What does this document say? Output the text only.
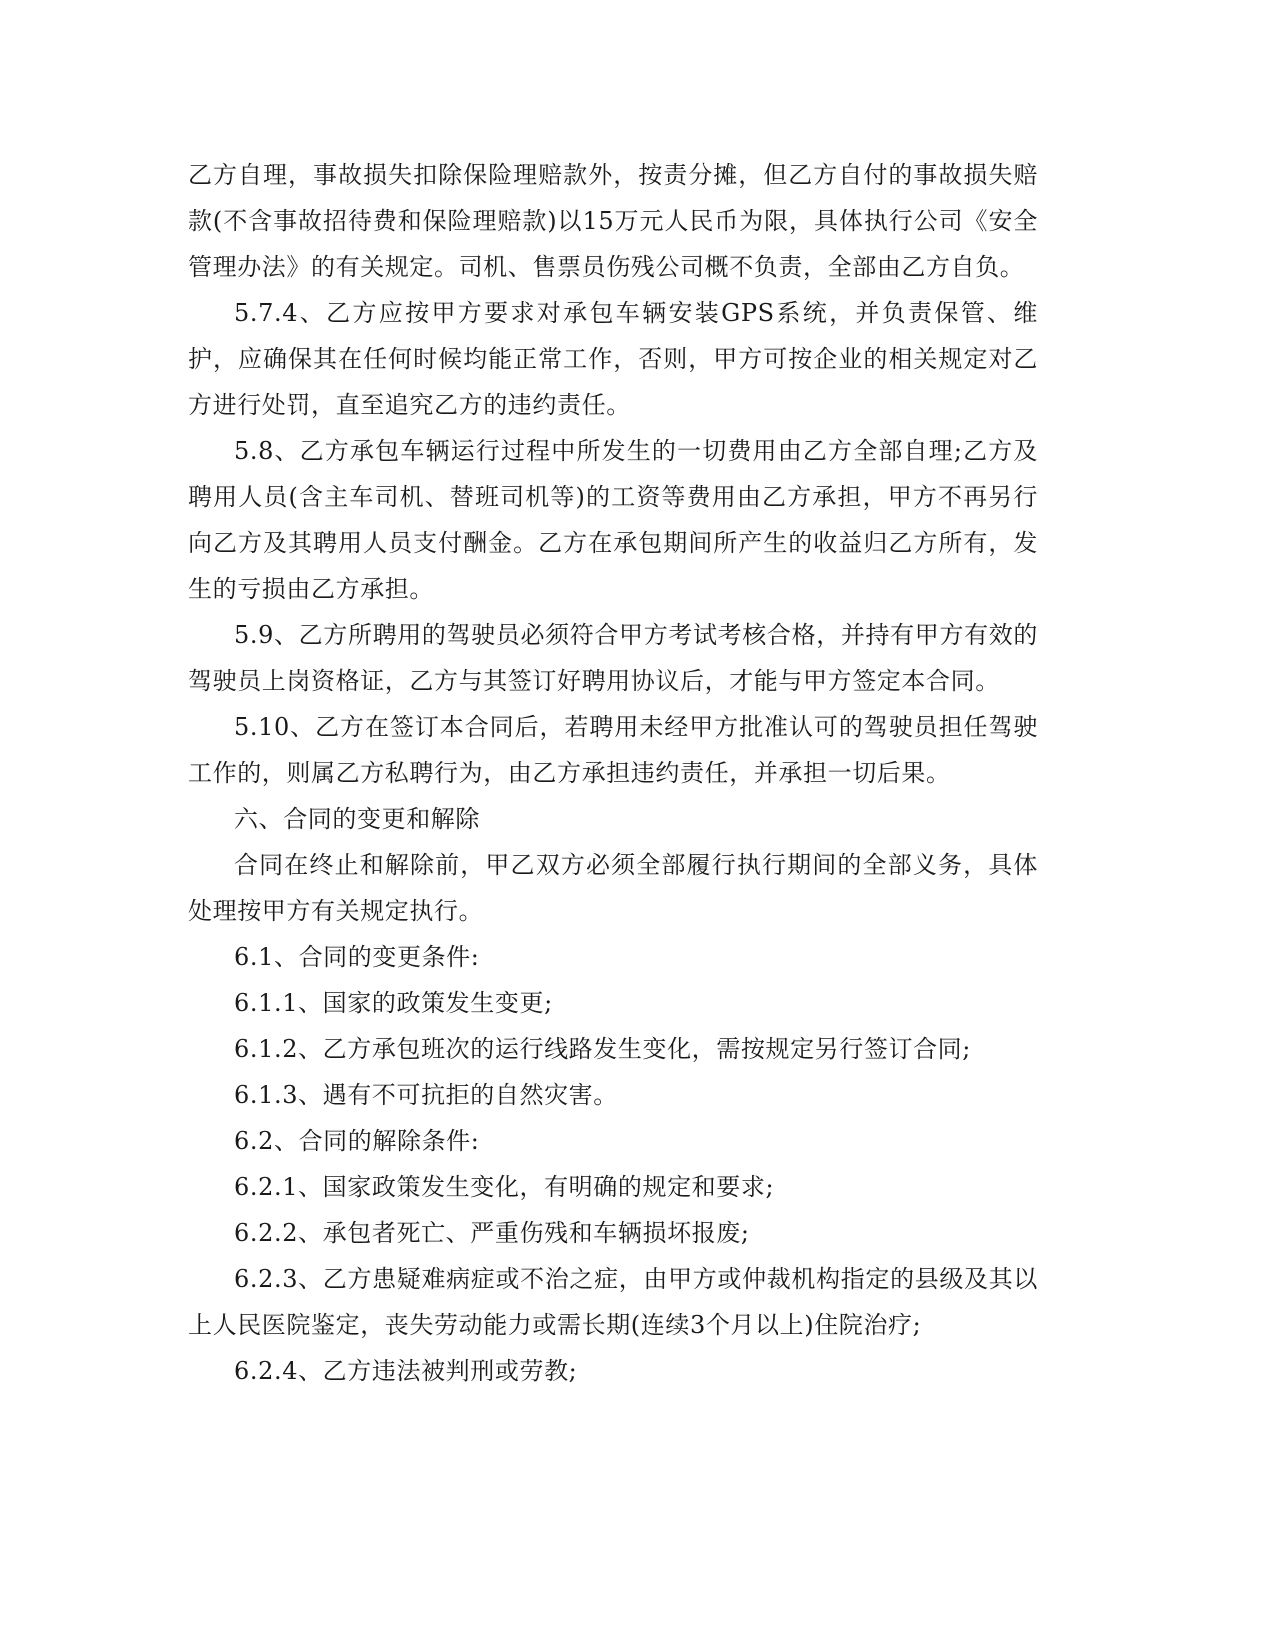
乙方自理，事故损失扣除保险理赔款外，按责分摊，但乙方自付的事故损失赔款(不含事故招待费和保险理赔款)以15万元人民币为限，具体执行公司《安全管理办法》的有关规定。司机、售票员伤残公司概不负责，全部由乙方自负。

5.7.4、乙方应按甲方要求对承包车辆安装GPS系统，并负责保管、维护，应确保其在任何时候均能正常工作，否则，甲方可按企业的相关规定对乙方进行处罚，直至追究乙方的违约责任。

5.8、乙方承包车辆运行过程中所发生的一切费用由乙方全部自理;乙方及聘用人员(含主车司机、替班司机等)的工资等费用由乙方承担，甲方不再另行向乙方及其聘用人员支付酬金。乙方在承包期间所产生的收益归乙方所有，发生的亏损由乙方承担。

5.9、乙方所聘用的驾驶员必须符合甲方考试考核合格，并持有甲方有效的驾驶员上岗资格证，乙方与其签订好聘用协议后，才能与甲方签定本合同。

5.10、乙方在签订本合同后，若聘用未经甲方批准认可的驾驶员担任驾驶工作的，则属乙方私聘行为，由乙方承担违约责任，并承担一切后果。

六、合同的变更和解除

合同在终止和解除前，甲乙双方必须全部履行执行期间的全部义务，具体处理按甲方有关规定执行。

6.1、合同的变更条件:

6.1.1、国家的政策发生变更;

6.1.2、乙方承包班次的运行线路发生变化，需按规定另行签订合同;

6.1.3、遇有不可抗拒的自然灾害。

6.2、合同的解除条件:

6.2.1、国家政策发生变化，有明确的规定和要求;

6.2.2、承包者死亡、严重伤残和车辆损坏报废;

6.2.3、乙方患疑难病症或不治之症，由甲方或仲裁机构指定的县级及其以上人民医院鉴定，丧失劳动能力或需长期(连续3个月以上)住院治疗;

6.2.4、乙方违法被判刑或劳教;
